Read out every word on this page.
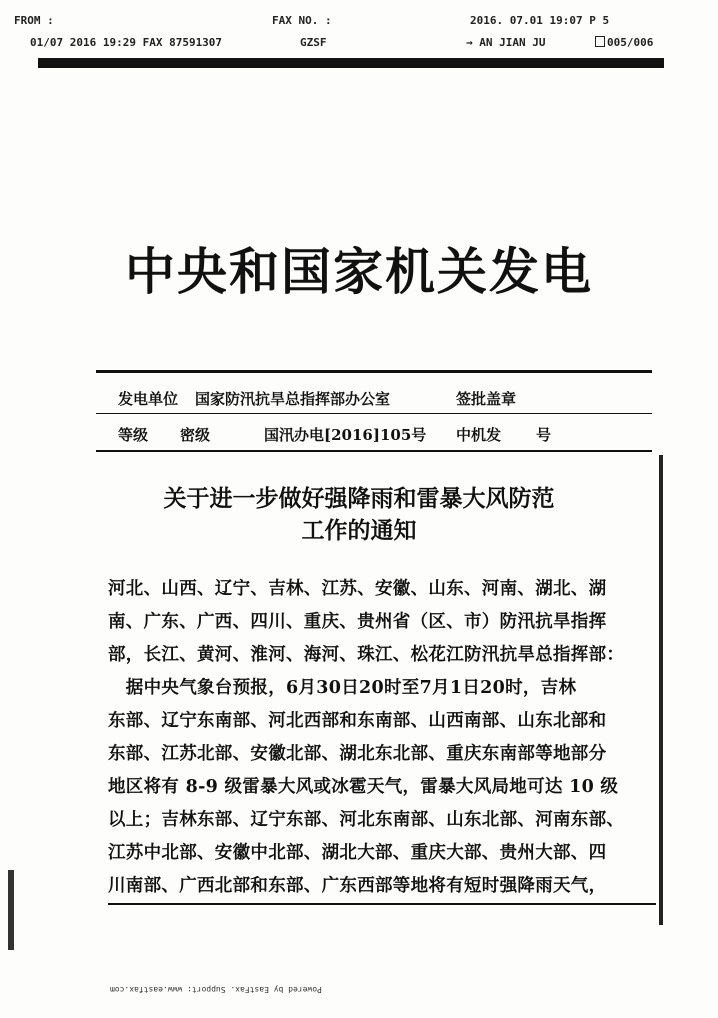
FROM :	FAX NO. :	2016. 07.01 19:07 P 5
01/07 2016 19:29 FAX 87591307	GZSF	→ AN JIAN JU	005/006
中央和国家机关发电
发电单位 国家防汛抗旱总指挥部办公室	签批盖章
等级 密级	国汛办电[2016]105号 中机发 号
关于进一步做好强降雨和雷暴大风防范
工作的通知
河北、山西、辽宁、吉林、江苏、安徽、山东、河南、湖北、湖
南、广东、广西、四川、重庆、贵州省（区、市）防汛抗旱指挥
部，长江、黄河、淮河、海河、珠江、松花江防汛抗旱总指挥部：
　据中央气象台预报，6月30日20时至7月1日20时，吉林
东部、辽宁东南部、河北西部和东南部、山西南部、山东北部和
东部、江苏北部、安徽北部、湖北东北部、重庆东南部等地部分
地区将有 8-9 级雷暴大风或冰雹天气，雷暴大风局地可达 10 级
以上；吉林东部、辽宁东部、河北东南部、山东北部、河南东部、
江苏中北部、安徽中北部、湖北大部、重庆大部、贵州大部、四
川南部、广西北部和东部、广东西部等地将有短时强降雨天气，
Powered by EastFax. Support: www.eastfax.com
